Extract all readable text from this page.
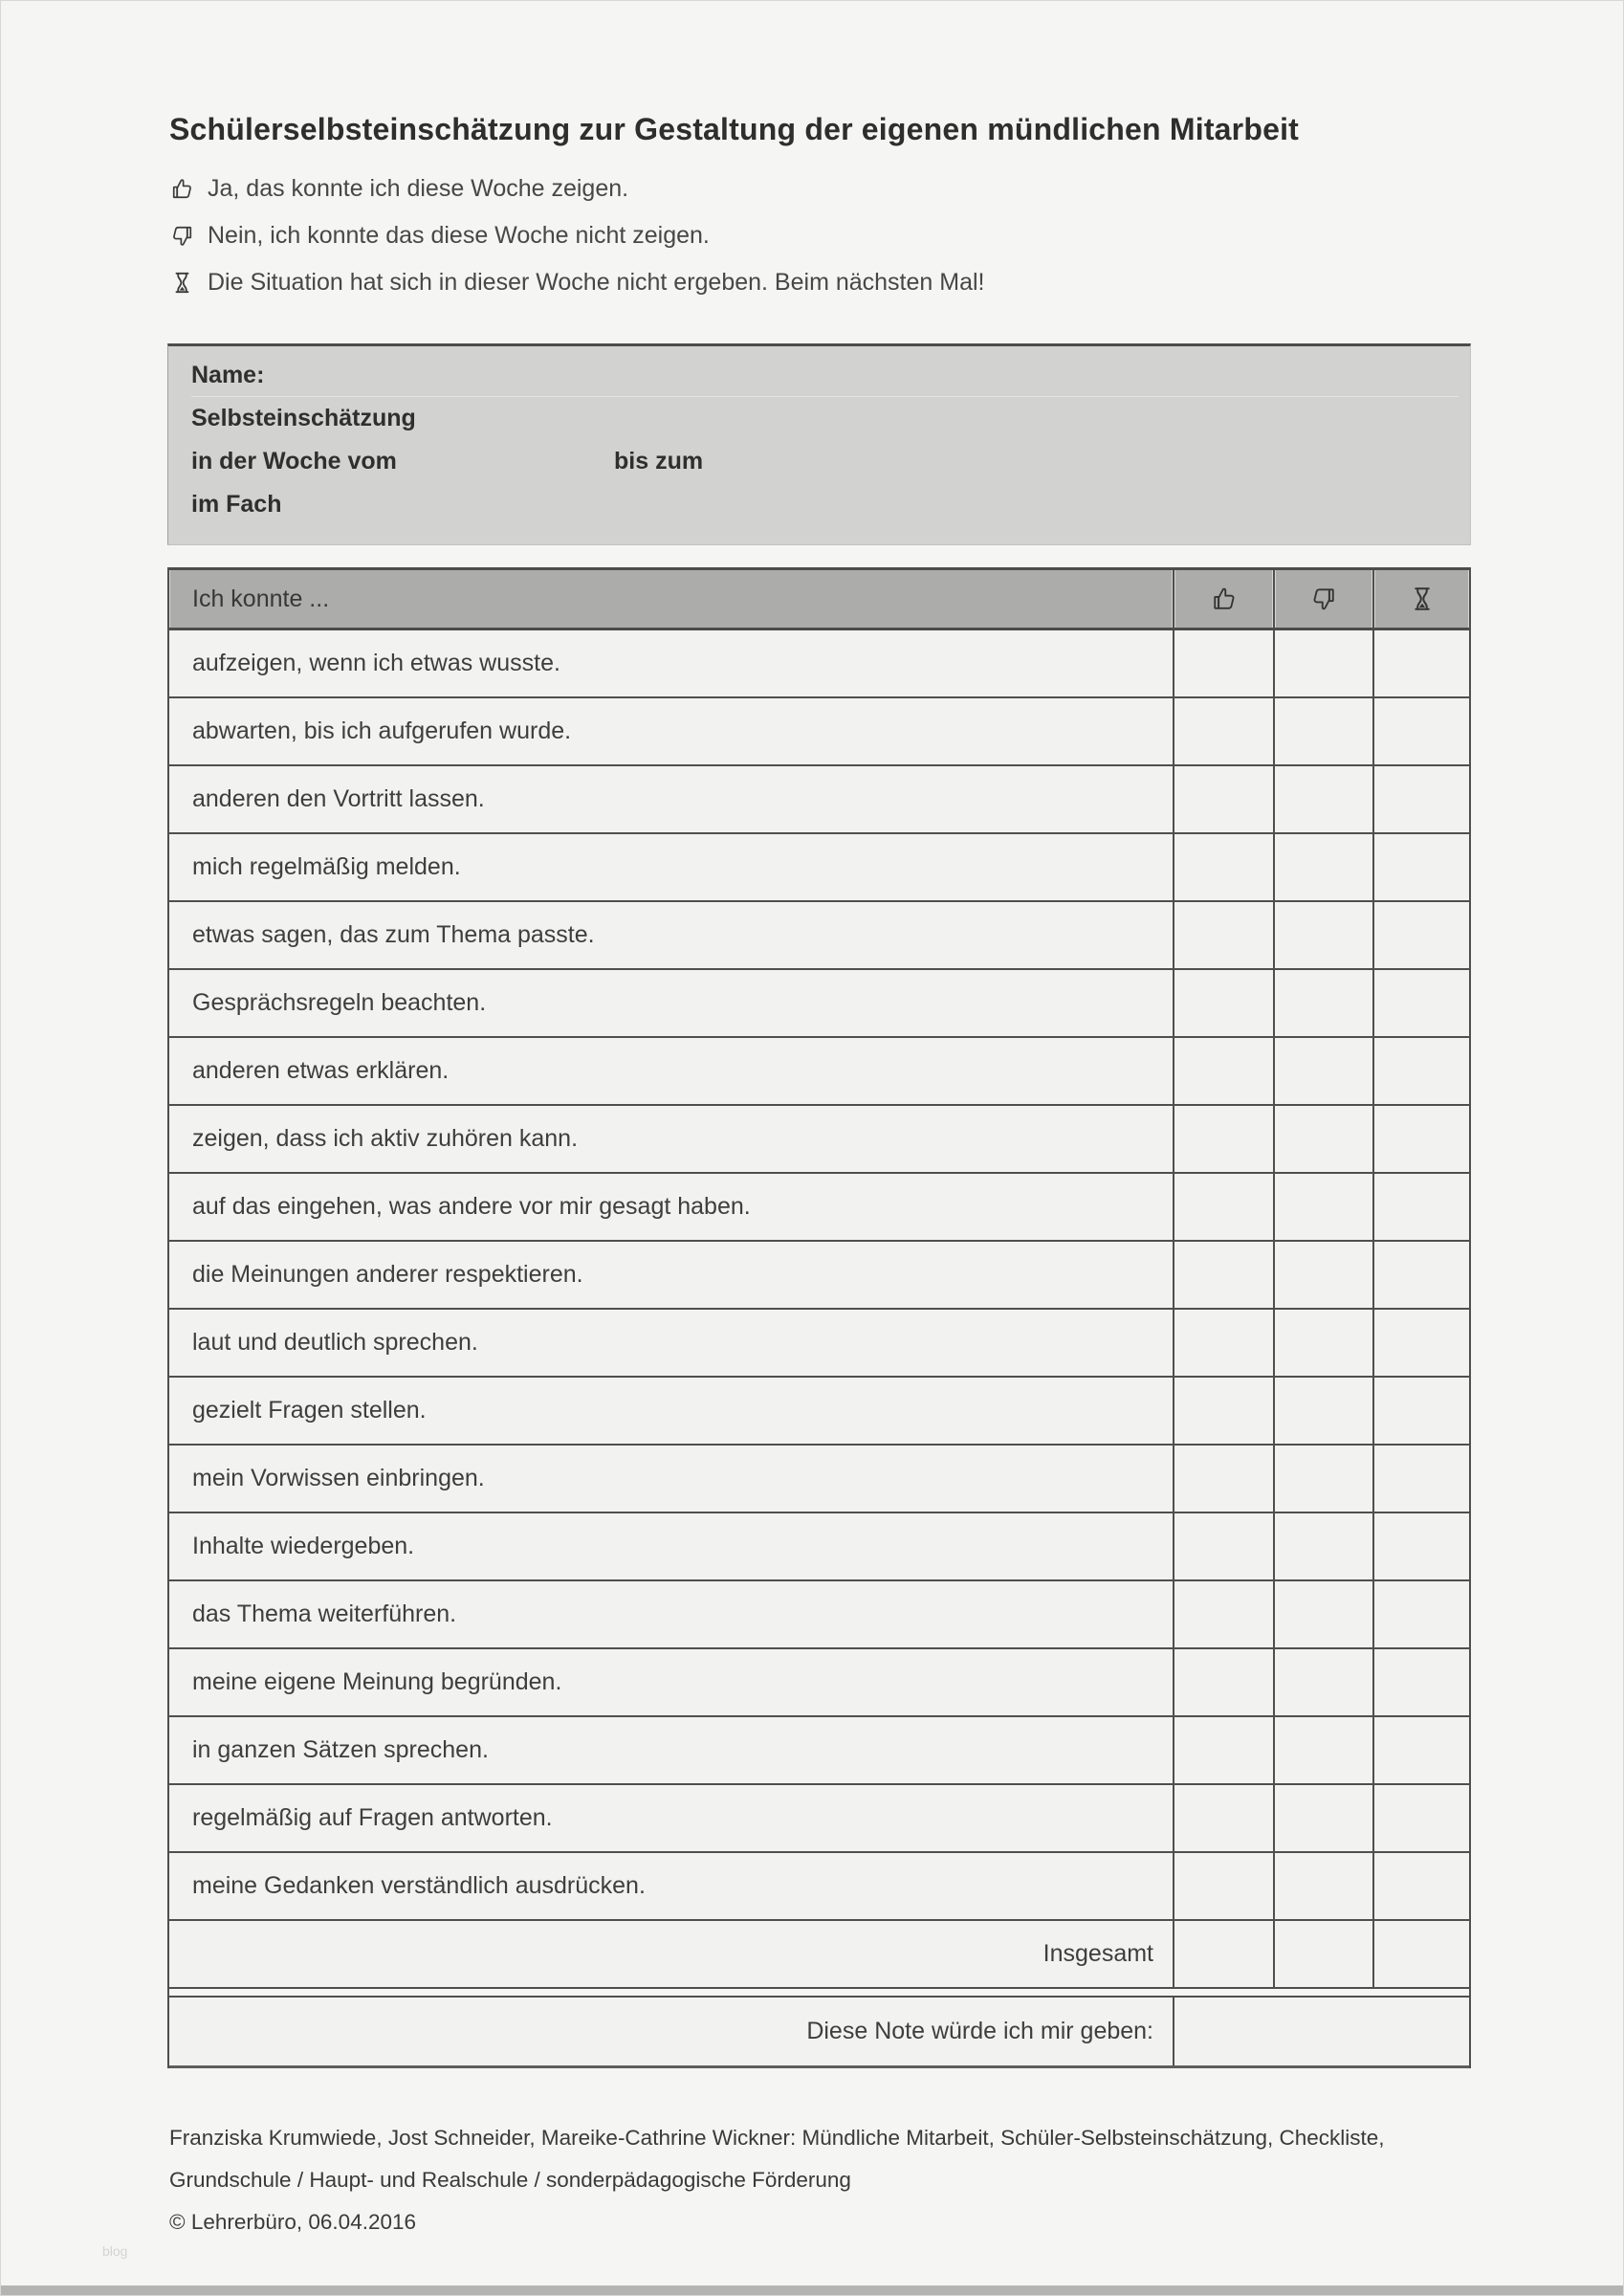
Schülerselbsteinschätzung zur Gestaltung der eigenen mündlichen Mitarbeit
Ja, das konnte ich diese Woche zeigen.
Nein, ich konnte das diese Woche nicht zeigen.
Die Situation hat sich in dieser Woche nicht ergeben. Beim nächsten Mal!
Name:
Selbsteinschätzung
in der Woche vom	bis zum
im Fach
Ich konnte ...
aufzeigen, wenn ich etwas wusste.
abwarten, bis ich aufgerufen wurde.
anderen den Vortritt lassen.
mich regelmäßig melden.
etwas sagen, das zum Thema passte.
Gesprächsregeln beachten.
anderen etwas erklären.
zeigen, dass ich aktiv zuhören kann.
auf das eingehen, was andere vor mir gesagt haben.
die Meinungen anderer respektieren.
laut und deutlich sprechen.
gezielt Fragen stellen.
mein Vorwissen einbringen.
Inhalte wiedergeben.
das Thema weiterführen.
meine eigene Meinung begründen.
in ganzen Sätzen sprechen.
regelmäßig auf Fragen antworten.
meine Gedanken verständlich ausdrücken.
Insgesamt
Diese Note würde ich mir geben:
Franziska Krumwiede, Jost Schneider, Mareike-Cathrine Wickner: Mündliche Mitarbeit, Schüler-Selbsteinschätzung, Checkliste,
Grundschule / Haupt- und Realschule / sonderpädagogische Förderung
© Lehrerbüro, 06.04.2016
blog
